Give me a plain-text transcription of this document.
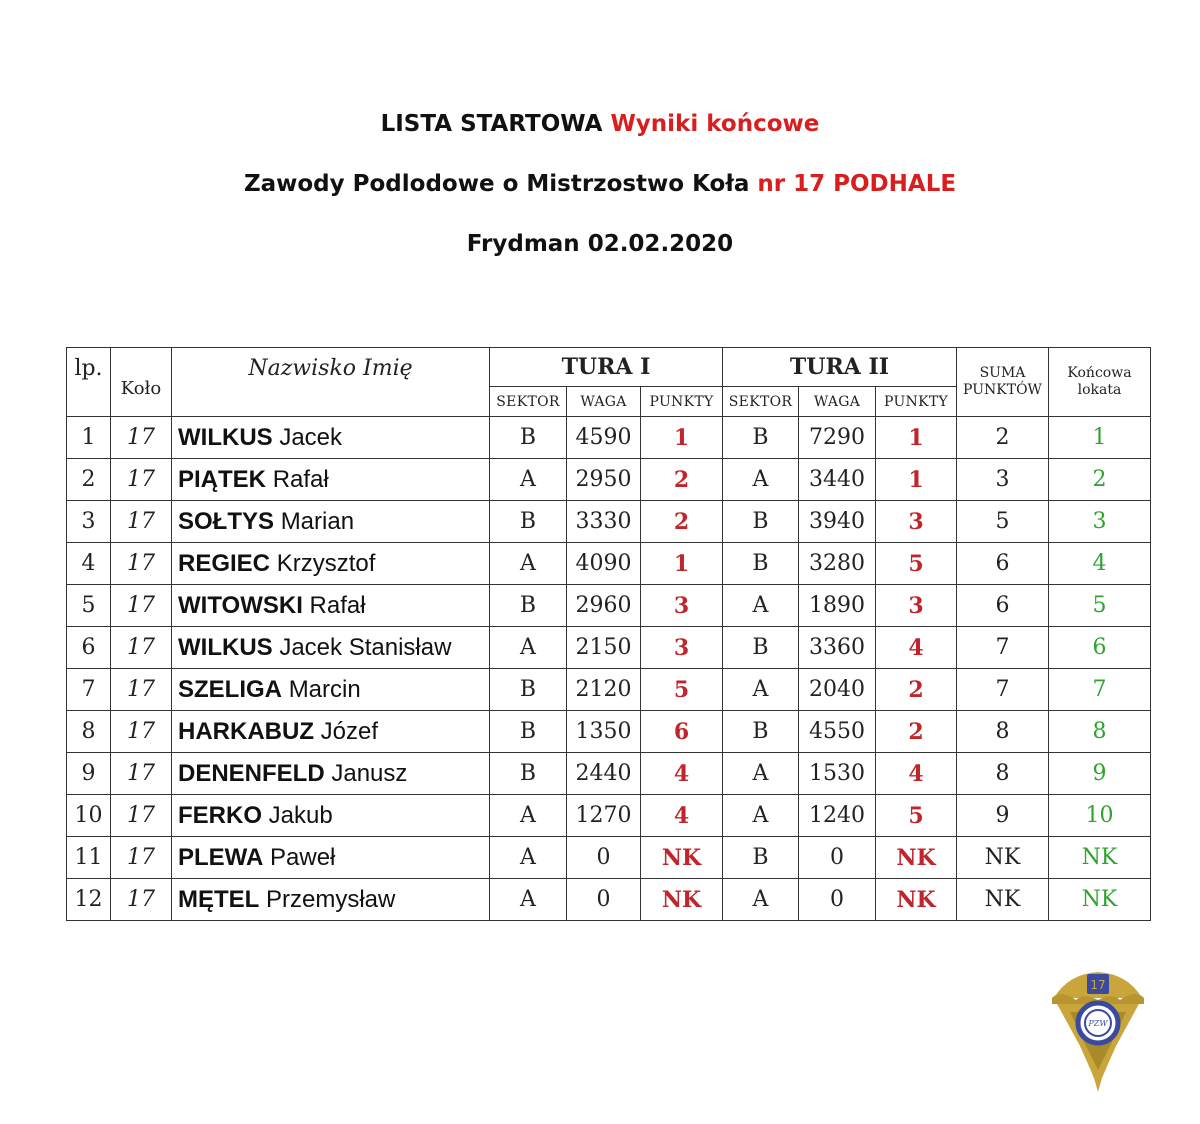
LISTA STARTOWA Wyniki końcowe
Zawody Podlodowe o Mistrzostwo Koła nr 17 PODHALE
Frydman 02.02.2020
lp.	Koło	Nazwisko Imię	TURA I			TURA II			SUMA PUNKTÓW	Końcowa lokata
			SEKTOR	WAGA	PUNKTY	SEKTOR	WAGA	PUNKTY		
1	17	WILKUS Jacek	B	4590	1	B	7290	1	2	1
2	17	PIĄTEK Rafał	A	2950	2	A	3440	1	3	2
3	17	SOŁTYS Marian	B	3330	2	B	3940	3	5	3
4	17	REGIEC Krzysztof	A	4090	1	B	3280	5	6	4
5	17	WITOWSKI Rafał	B	2960	3	A	1890	3	6	5
6	17	WILKUS Jacek Stanisław	A	2150	3	B	3360	4	7	6
7	17	SZELIGA Marcin	B	2120	5	A	2040	2	7	7
8	17	HARKABUZ Józef	B	1350	6	B	4550	2	8	8
9	17	DENENFELD Janusz	B	2440	4	A	1530	4	8	9
10	17	FERKO Jakub	A	1270	4	A	1240	5	9	10
11	17	PLEWA Paweł	A	0	NK	B	0	NK	NK	NK
12	17	MĘTEL Przemysław	A	0	NK	A	0	NK	NK	NK
17
PZW
